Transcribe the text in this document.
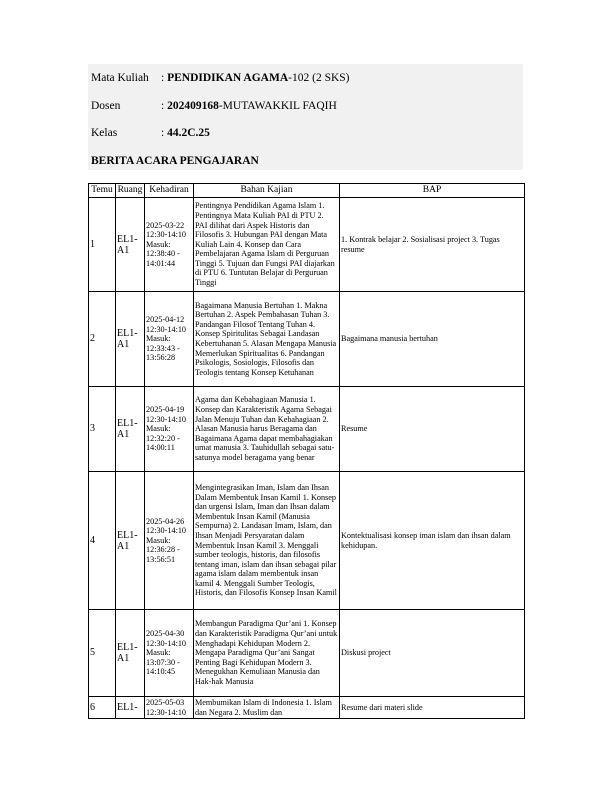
Mata Kuliah : PENDIDIKAN AGAMA-102 (2 SKS)
Dosen	: 202409168-MUTAWAKKIL FAQIH
Kelas	: 44.2C.25
BERITA ACARA PENGAJARAN
Temu	Ruang	Kehadiran	Bahan Kajian	BAP
1	EL1-A1	2025-03-22 12:30-14:10 Masuk: 12:38:40 - 14:01:44	Pentingnya Pendidikan Agama Islam 1. Pentingnya Mata Kuliah PAI di PTU 2. PAI dilihat dari Aspek Historis dan Filosofis 3. Hubungan PAI dengan Mata Kuliah Lain 4. Konsep dan Cara Pembelajaran Agama Islam di Perguruan Tinggi 5. Tujuan dan Fungsi PAI diajarkan di PTU 6. Tuntutan Belajar di Perguruan Tinggi	1. Kontrak belajar 2. Sosialisasi project 3. Tugas resume
2	EL1-A1	2025-04-12 12:30-14:10 Masuk: 12:33:43 - 13:56:28	Bagaimana Manusia Bertuhan 1. Makna Bertuhan 2. Aspek Pembahasan Tuhan 3. Pandangan Filosof Tentang Tuhan 4. Konsep Spiritulitas Sebagai Landasan Kebertuhanan 5. Alasan Mengapa Manusia Memerlukan Spiritualitas 6. Pandangan Psikologis, Sosiologis, Filosofis dan Teologis tentang Konsep Ketuhanan	Bagaimana manusia bertuhan
3	EL1-A1	2025-04-19 12:30-14:10 Masuk: 12:32:20 - 14:00:11	Agama dan Kebahagiaan Manusia 1. Konsep dan Karakteristik Agama Sebagai Jalan Menuju Tuhan dan Kebahagiaan 2. Alasan Manusia harus Beragama dan Bagaimana Agama dapat membahagiakan umat manusia 3. Tauhidullah sebagai satu-satunya model beragama yang benar	Resume
4	EL1-A1	2025-04-26 12:30-14:10 Masuk: 12:36:28 - 13:56:51	Mengintegrasikan Iman, Islam dan Ihsan Dalam Membentuk Insan Kamil 1. Konsep dan urgensi Islam, Iman dan Ihsan dalam Membentuk Insan Kamil (Manusia Sempurna) 2. Landasan Imam, Islam, dan Ihsan Menjadi Persyaratan dalam Membentuk Insan Kamil 3. Menggali sumber teologis, historis, dan filosofis tentang iman, islam dan ihsan sebagai pilar agama islam dalam membentuk insan kamil 4. Menggali Sumber Teologis, Historis, dan Filosofis Konsep Insan Kamil	Kontektualisasi konsep iman islam dan ihsan dalam kehidupan.
5	EL1-A1	2025-04-30 12:30-14:10 Masuk: 13:07:30 - 14:10:45	Membangun Paradigma Qur’ani 1. Konsep dan Karakteristik Paradigma Qur’ani untuk Menghadapi Kehidupan Modern 2. Mengapa Paradigma Qur’ani Sangat Penting Bagi Kehidupan Modern 3. Menegukhan Kemuliaan Manusia dan Hak-hak Manusia	Diskusi project
6	EL1-	2025-05-03 12:30-14:10	Membumikan Islam di Indonesia 1. Islam dan Negara 2. Muslim dan	Resume dari materi slide
